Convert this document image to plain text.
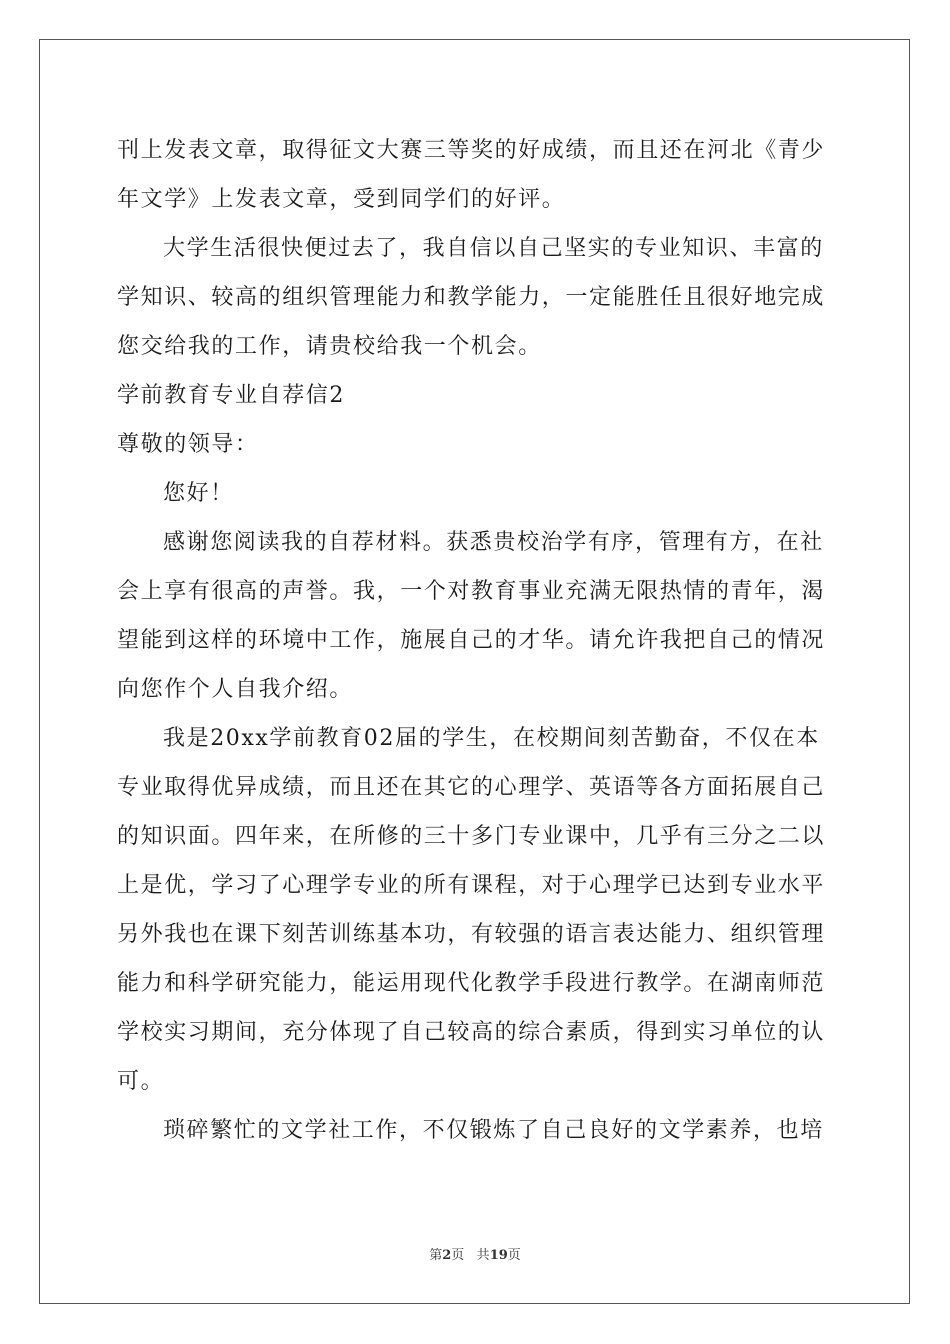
刊上发表文章，取得征文大赛三等奖的好成绩，而且还在河北《青少
年文学》上发表文章，受到同学们的好评。
大学生活很快便过去了，我自信以自己坚实的专业知识、丰富的
学知识、较高的组织管理能力和教学能力，一定能胜任且很好地完成
您交给我的工作，请贵校给我一个机会。
学前教育专业自荐信2
尊敬的领导：
您好！
感谢您阅读我的自荐材料。获悉贵校治学有序，管理有方，在社
会上享有很高的声誉。我，一个对教育事业充满无限热情的青年，渴
望能到这样的环境中工作，施展自己的才华。请允许我把自己的情况
向您作个人自我介绍。
我是20xx学前教育02届的学生，在校期间刻苦勤奋，不仅在本
专业取得优异成绩，而且还在其它的心理学、英语等各方面拓展自己
的知识面。四年来，在所修的三十多门专业课中，几乎有三分之二以
上是优，学习了心理学专业的所有课程，对于心理学已达到专业水平
另外我也在课下刻苦训练基本功，有较强的语言表达能力、组织管理
能力和科学研究能力，能运用现代化教学手段进行教学。在湖南师范
学校实习期间，充分体现了自己较高的综合素质，得到实习单位的认
可。
琐碎繁忙的文学社工作，不仅锻炼了自己良好的文学素养，也培
第2页 共19页
